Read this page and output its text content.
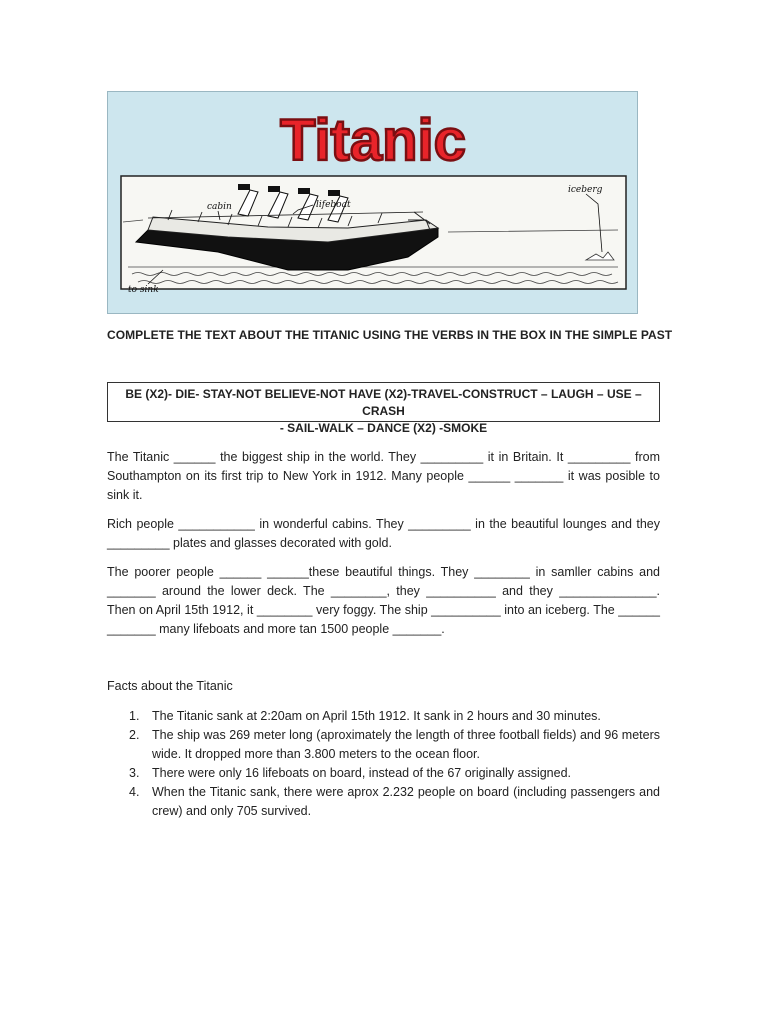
Titanic
cabin	lifeboat
iceberg
to sink
COMPLETE THE TEXT ABOUT THE TITANIC USING THE VERBS IN THE BOX IN THE SIMPLE PAST
BE (X2)- DIE- STAY-NOT BELIEVE-NOT HAVE (X2)-TRAVEL-CONSTRUCT – LAUGH – USE – CRASH
- SAIL-WALK – DANCE (X2) -SMOKE

The Titanic ______ the biggest ship in the world. They _________ it in Britain. It _________ from Southampton on its first trip to New York in 1912. Many people ______ _______ it was posible to sink it.

Rich people ___________ in wonderful cabins. They _________ in the beautiful lounges and they _________ plates and glasses decorated with gold.

The poorer people ______ ______these beautiful things. They ________ in samller cabins and _______ around the lower deck. The ________, they __________ and they ______________. Then on April 15th 1912, it ________ very foggy. The ship __________ into an iceberg. The ______ _______ many lifeboats and more tan 1500 people _______.

Facts about the Titanic
1. The Titanic sank at 2:20am on April 15th 1912. It sank in 2 hours and 30 minutes.
2. The ship was 269 meter long (aproximately the length of three football fields) and 96 meters wide. It dropped more than 3.800 meters to the ocean floor.
3. There were only 16 lifeboats on board, instead of the 67 originally assigned.
4. When the Titanic sank, there were aprox 2.232 people on board (including passengers and crew) and only 705 survived.
